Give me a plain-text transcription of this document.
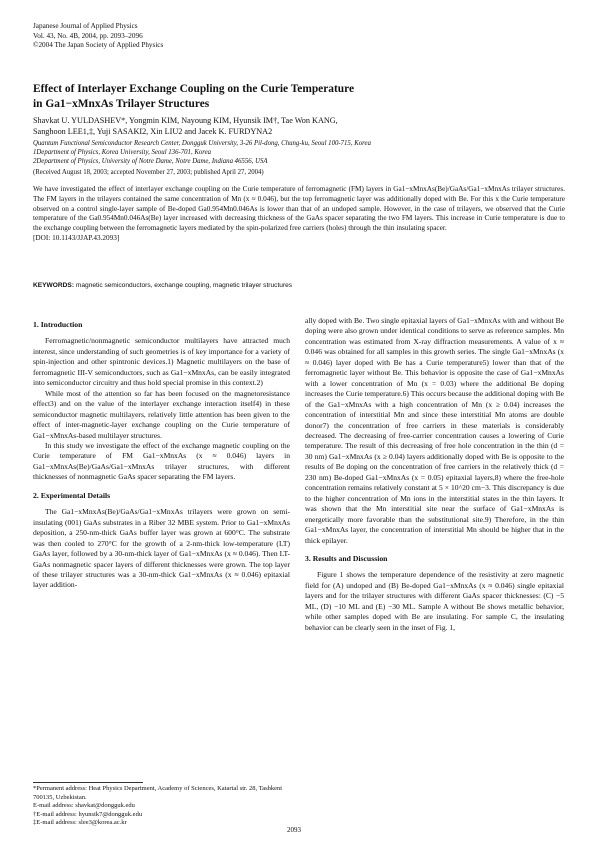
Japanese Journal of Applied Physics
Vol. 43, No. 4B, 2004, pp. 2093–2096
©2004 The Japan Society of Applied Physics
Effect of Interlayer Exchange Coupling on the Curie Temperature
in Ga1−xMnxAs Trilayer Structures
Shavkat U. YULDASHEV*, Yongmin KIM, Nayoung KIM, Hyunsik IM†, Tae Won KANG,
Sanghoon LEE1,‡, Yuji SASAKI2, Xin LIU2 and Jacek K. FURDYNA2
Quantum Functional Semiconductor Research Center, Dongguk University, 3-26 Pil-dong, Chung-ku, Seoul 100-715, Korea
1Department of Physics, Korea University, Seoul 136-701, Korea
2Department of Physics, University of Notre Dame, Notre Dame, Indiana 46556, USA
(Received August 18, 2003; accepted November 27, 2003; published April 27, 2004)
We have investigated the effect of interlayer exchange coupling on the Curie temperature of ferromagnetic (FM) layers in Ga1−xMnxAs(Be)/GaAs/Ga1−xMnxAs trilayer structures. The FM layers in the trilayers contained the same concentration of Mn (x ≈ 0.046), but the top ferromagnetic layer was additionally doped with Be. For this x the Curie temperature observed on a control single-layer sample of Be-doped Ga0.954Mn0.046As is lower than that of an undoped sample. However, in the case of trilayers, we observed that the Curie temperature of the Ga0.954Mn0.046As(Be) layer increased with decreasing thickness of the GaAs spacer separating the two FM layers. This increase in Curie temperature is due to the exchange coupling between the ferromagnetic layers mediated by the spin-polarized free carriers (holes) through the thin insulating spacer.
[DOI: 10.1143/JJAP.43.2093]
KEYWORDS: magnetic semiconductors, exchange coupling, magnetic trilayer structures
1. Introduction

Ferromagnetic/nonmagnetic semiconductor multilayers have attracted much interest, since understanding of such geometries is of key importance for a variety of spin-injection and other spintronic devices.1) Magnetic multilayers on the base of ferromagnetic III-V semiconductors, such as Ga1−xMnxAs, can be easily integrated into semiconductor circuitry and thus hold special promise in this context.2)

While most of the attention so far has been focused on the magnetoresistance effect3) and on the value of the interlayer exchange interaction itself4) in these semiconductor magnetic multilayers, relatively little attention has been given to the effect of inter-magnetic-layer exchange coupling on the Curie temperature of Ga1−xMnxAs-based multilayer structures.

In this study we investigate the effect of the exchange magnetic coupling on the Curie temperature of FM Ga1−xMnxAs (x ≈ 0.046) layers in Ga1−xMnxAs(Be)/GaAs/Ga1−xMnxAs trilayer structures, with different thicknesses of nonmagnetic GaAs spacer separating the FM layers.

2. Experimental Details

The Ga1−xMnxAs(Be)/GaAs/Ga1−xMnxAs trilayers were grown on semi-insulating (001) GaAs substrates in a Riber 32 MBE system. Prior to Ga1−xMnxAs deposition, a 250-nm-thick GaAs buffer layer was grown at 600°C. The substrate was then cooled to 270°C for the growth of a 2-nm-thick low-temperature (LT) GaAs layer, followed by a 30-nm-thick layer of Ga1−xMnxAs (x ≈ 0.046). Then LT-GaAs nonmagnetic spacer layers of different thicknesses were grown. The top layer of these trilayer structures was a 30-nm-thick Ga1−xMnxAs (x ≈ 0.046) epitaxial layer addition-

ally doped with Be. Two single epitaxial layers of Ga1−xMnxAs with and without Be doping were also grown under identical conditions to serve as reference samples. Mn concentration was estimated from X-ray diffraction measurements. A value of x ≈ 0.046 was obtained for all samples in this growth series. The single Ga1−xMnxAs (x ≈ 0.046) layer doped with Be has a Curie temperature5) lower than that of the ferromagnetic layer without Be. This behavior is opposite the case of Ga1−xMnxAs with a lower concentration of Mn (x = 0.03) where the additional Be doping increases the Curie temperature.6) This occurs because the additional doping with Be of the Ga1−xMnxAs with a high concentration of Mn (x ≥ 0.04) increases the concentration of interstitial Mn and since these interstitial Mn atoms are double donor7) the concentration of free carriers in these materials is considerably decreased. The decreasing of free-carrier concentration causes a lowering of Curie temperature. The result of this decreasing of free hole concentration in the thin (d = 30 nm) Ga1−xMnxAs (x ≥ 0.04) layers additionally doped with Be is opposite to the results of Be doping on the concentration of free carriers in the relatively thick (d = 230 nm) Be-doped Ga1−xMnxAs (x = 0.05) epitaxial layers,8) where the free-hole concentration remains relatively constant at 5 × 10^20 cm−3. This discrepancy is due to the higher concentration of Mn ions in the interstitial states in the thin layers. It was shown that the Mn interstitial site near the surface of Ga1−xMnxAs is energetically more favorable than the substitutional site.9) Therefore, in the thin Ga1−xMnxAs layer, the concentration of interstitial Mn should be higher that in the thick epilayer.

3. Results and Discussion

Figure 1 shows the temperature dependence of the resistivity at zero magnetic field for (A) undoped and (B) Be-doped Ga1−xMnxAs (x ≈ 0.046) single epitaxial layers and for the trilayer structures with different GaAs spacer thicknesses: (C) −5 ML, (D) −10 ML and (E) −30 ML. Sample A without Be shows metallic behavior, while other samples doped with Be are insulating. For sample C, the insulating behavior can be clearly seen in the inset of Fig. 1,

*Permanent address: Heat Physics Department, Academy of Sciences, Katartal str. 28, Tashkent 700135, Uzbekistan.
E-mail address: shavkat@dongguk.edu
†E-mail address: hyunsik7@dongguk.edu
‡E-mail address: slee3@korea.ac.kr
2093
